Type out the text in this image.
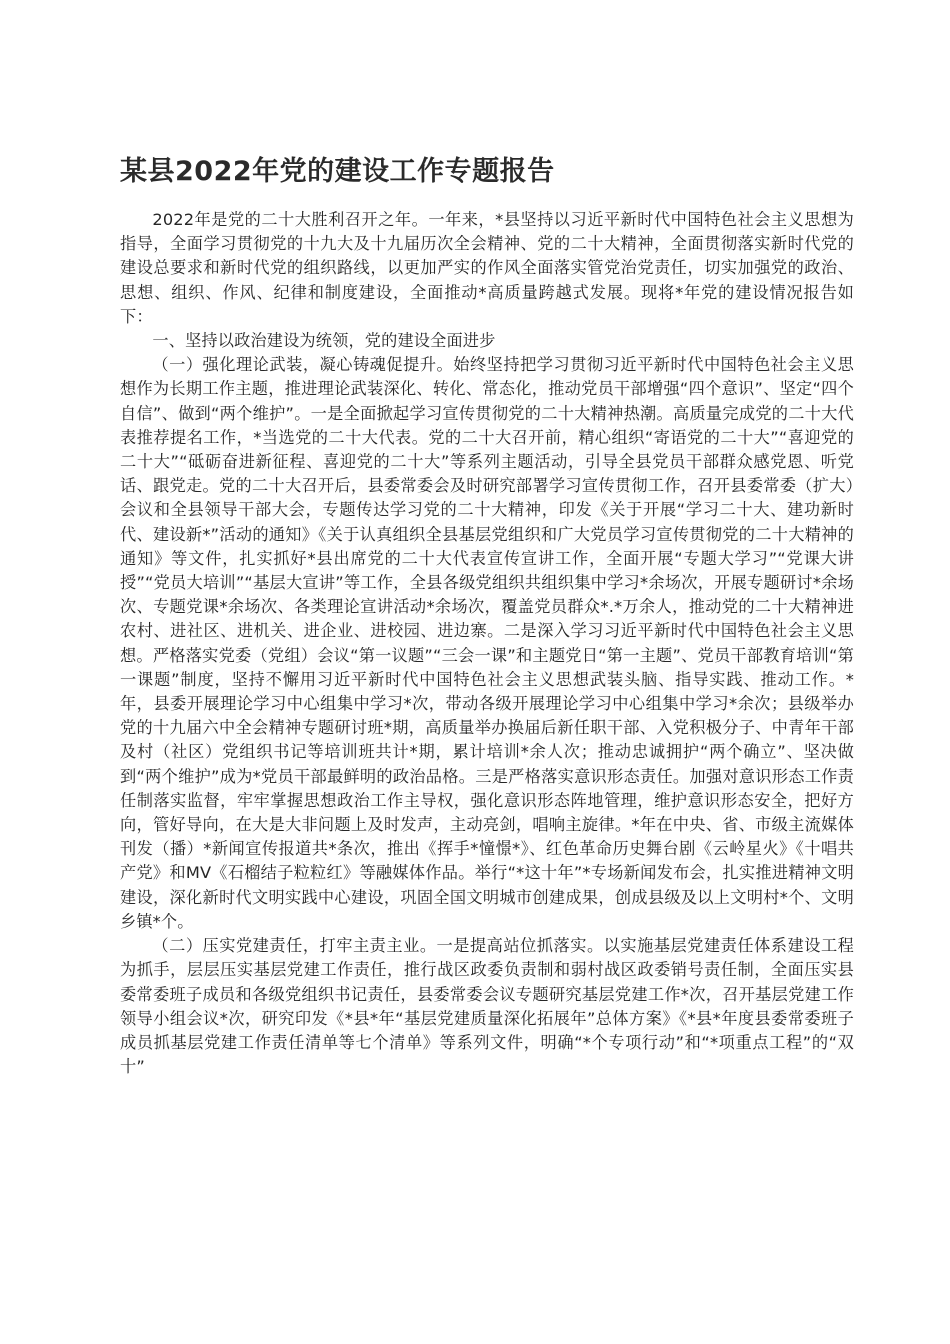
某县2022年党的建设工作专题报告

2022年是党的二十大胜利召开之年。一年来，*县坚持以习近平新时代中国特色社会主义思想为指导，全面学习贯彻党的十九大及十九届历次全会精神、党的二十大精神，全面贯彻落实新时代党的建设总要求和新时代党的组织路线，以更加严实的作风全面落实管党治党责任，切实加强党的政治、思想、组织、作风、纪律和制度建设，全面推动*高质量跨越式发展。现将*年党的建设情况报告如下：

一、坚持以政治建设为统领，党的建设全面进步

（一）强化理论武装，凝心铸魂促提升。始终坚持把学习贯彻习近平新时代中国特色社会主义思想作为长期工作主题，推进理论武装深化、转化、常态化，推动党员干部增强“四个意识”、坚定“四个自信”、做到“两个维护”。一是全面掀起学习宣传贯彻党的二十大精神热潮。高质量完成党的二十大代表推荐提名工作，*当选党的二十大代表。党的二十大召开前，精心组织“寄语党的二十大”“喜迎党的二十大”“砥砺奋进新征程、喜迎党的二十大”等系列主题活动，引导全县党员干部群众感党恩、听党话、跟党走。党的二十大召开后，县委常委会及时研究部署学习宣传贯彻工作，召开县委常委（扩大）会议和全县领导干部大会，专题传达学习党的二十大精神，印发《关于开展“学习二十大、建功新时代、建设新*”活动的通知》《关于认真组织全县基层党组织和广大党员学习宣传贯彻党的二十大精神的通知》等文件，扎实抓好*县出席党的二十大代表宣传宣讲工作，全面开展“专题大学习”“党课大讲授”“党员大培训”“基层大宣讲”等工作，全县各级党组织共组织集中学习*余场次，开展专题研讨*余场次、专题党课*余场次、各类理论宣讲活动*余场次，覆盖党员群众*.*万余人，推动党的二十大精神进农村、进社区、进机关、进企业、进校园、进边寨。二是深入学习习近平新时代中国特色社会主义思想。严格落实党委（党组）会议“第一议题”“三会一课”和主题党日“第一主题”、党员干部教育培训“第一课题”制度，坚持不懈用习近平新时代中国特色社会主义思想武装头脑、指导实践、推动工作。*年，县委开展理论学习中心组集中学习*次，带动各级开展理论学习中心组集中学习*余次；县级举办党的十九届六中全会精神专题研讨班*期，高质量举办换届后新任职干部、入党积极分子、中青年干部及村（社区）党组织书记等培训班共计*期，累计培训*余人次；推动忠诚拥护“两个确立”、坚决做到“两个维护”成为*党员干部最鲜明的政治品格。三是严格落实意识形态责任。加强对意识形态工作责任制落实监督，牢牢掌握思想政治工作主导权，强化意识形态阵地管理，维护意识形态安全，把好方向，管好导向，在大是大非问题上及时发声，主动亮剑，唱响主旋律。*年在中央、省、市级主流媒体刊发（播）*新闻宣传报道共*条次，推出《挥手*憧憬*》、红色革命历史舞台剧《云岭星火》《十唱共产党》和MV《石榴结子粒粒红》等融媒体作品。举行“*这十年”*专场新闻发布会，扎实推进精神文明建设，深化新时代文明实践中心建设，巩固全国文明城市创建成果，创成县级及以上文明村*个、文明乡镇*个。

（二）压实党建责任，打牢主责主业。一是提高站位抓落实。以实施基层党建责任体系建设工程为抓手，层层压实基层党建工作责任，推行战区政委负责制和弱村战区政委销号责任制，全面压实县委常委班子成员和各级党组织书记责任，县委常委会议专题研究基层党建工作*次，召开基层党建工作领导小组会议*次，研究印发《*县*年“基层党建质量深化拓展年”总体方案》《*县*年度县委常委班子成员抓基层党建工作责任清单等七个清单》等系列文件，明确“*个专项行动”和“*项重点工程”的“双十”
